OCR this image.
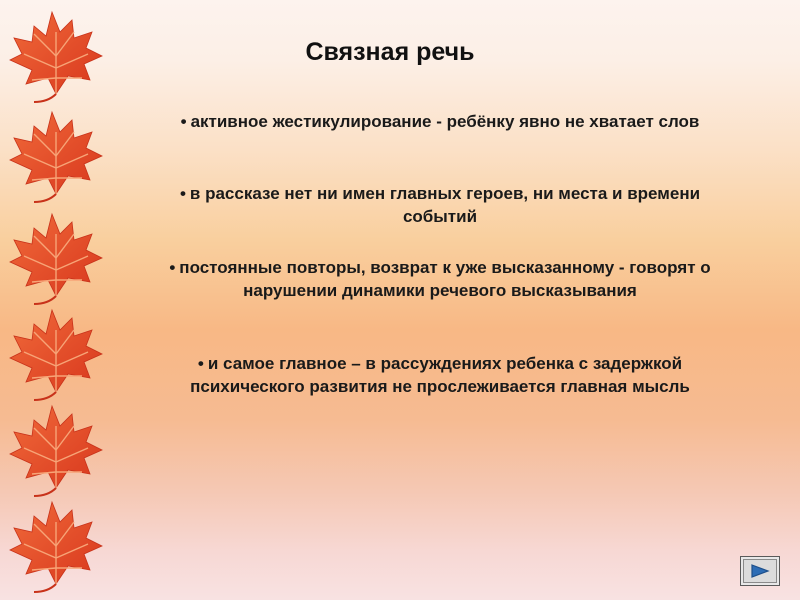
Связная речь
• активное жестикулирование - ребёнку явно не хватает слов
• в рассказе нет ни имен главных героев, ни места и времени
событий
• постоянные повторы, возврат к уже высказанному - говорят о
нарушении динамики речевого высказывания
• и самое главное – в рассуждениях ребенка с задержкой
психического развития не прослеживается главная мысль
